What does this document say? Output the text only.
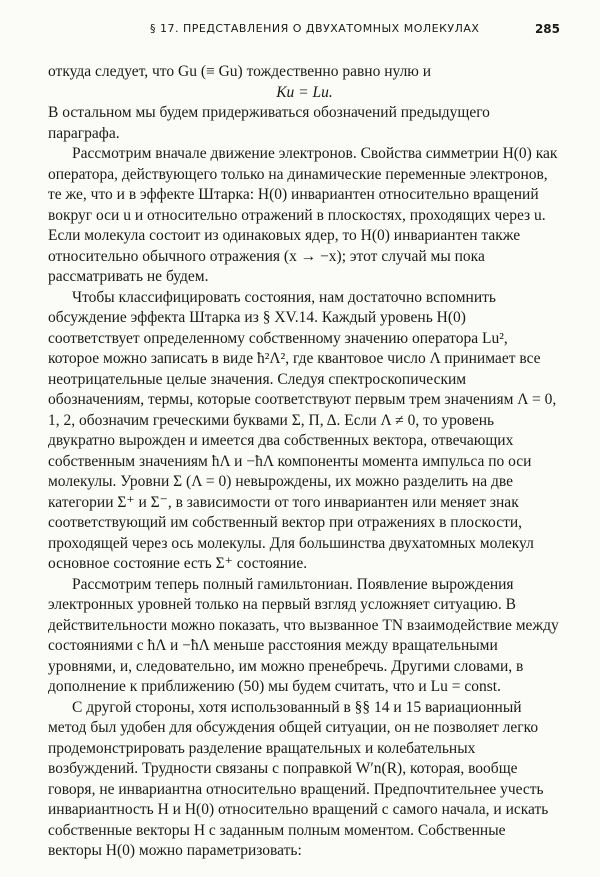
§ 17. ПРЕДСТАВЛЕНИЯ О ДВУХАТОМНЫХ МОЛЕКУЛАХ	285

откуда следует, что Gu (≡ Gu) тождественно равно нулю и

Ku = Lu.

В остальном мы будем придерживаться обозначений предыдущего параграфа.

Рассмотрим вначале движение электронов. Свойства симметрии H(0) как оператора, действующего только на динамические переменные электронов, те же, что и в эффекте Штарка: H(0) инвариантен относительно вращений вокруг оси u и относительно отражений в плоскостях, проходящих через u. Если молекула состоит из одинаковых ядер, то H(0) инвариантен также относительно обычного отражения (x → −x); этот случай мы пока рассматривать не будем.

Чтобы классифицировать состояния, нам достаточно вспомнить обсуждение эффекта Штарка из § XV.14. Каждый уровень H(0) соответствует определенному собственному значению оператора Lu², которое можно записать в виде ħ²Λ², где квантовое число Λ принимает все неотрицательные целые значения. Следуя спектроскопическим обозначениям, термы, которые соответствуют первым трем значениям Λ = 0, 1, 2, обозначим греческими буквами Σ, Π, Δ. Если Λ ≠ 0, то уровень двукратно вырожден и имеется два собственных вектора, отвечающих собственным значениям ħΛ и −ħΛ компоненты момента импульса по оси молекулы. Уровни Σ (Λ = 0) невырождены, их можно разделить на две категории Σ⁺ и Σ⁻, в зависимости от того инвариантен или меняет знак соответствующий им собственный вектор при отражениях в плоскости, проходящей через ось молекулы. Для большинства двухатомных молекул основное состояние есть Σ⁺ состояние.

Рассмотрим теперь полный гамильтониан. Появление вырождения электронных уровней только на первый взгляд усложняет ситуацию. В действительности можно показать, что вызванное TN взаимодействие между состояниями с ħΛ и −ħΛ меньше расстояния между вращательными уровнями, и, следовательно, им можно пренебречь. Другими словами, в дополнение к приближению (50) мы будем считать, что и Lu = const.

С другой стороны, хотя использованный в §§ 14 и 15 вариационный метод был удобен для обсуждения общей ситуации, он не позволяет легко продемонстрировать разделение вращательных и колебательных возбуждений. Трудности связаны с поправкой W′n(R), которая, вообще говоря, не инвариантна относительно вращений. Предпочтительнее учесть инвариантность H и H(0) относительно вращений с самого начала, и искать собственные векторы H с заданным полным моментом. Собственные векторы H(0) можно параметризовать:
